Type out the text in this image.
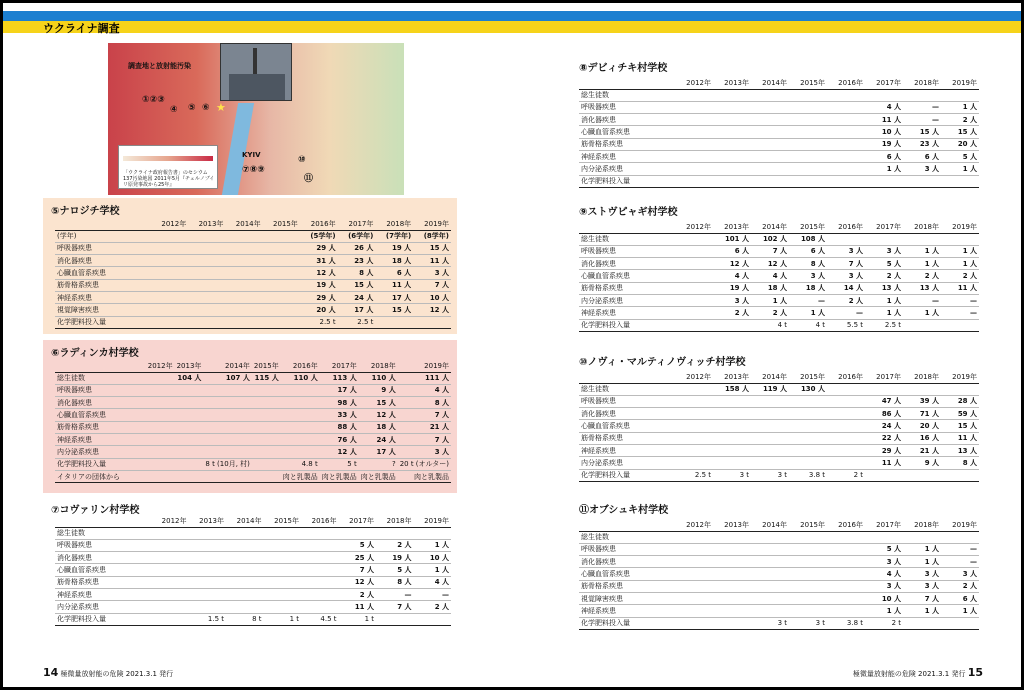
ウクライナ調査
調査地と放射能汚染
①②③
④ ⑤ ⑥ ★
KYIV
⑦⑧⑨
⑩
⑪
「ウクライナ政府報告書」のセシウム137汚染地図 2011年5月『チェルノブイリ原発事故から25年』
⑤ナロジチ学校
	2012年	2013年	2014年	2015年	2016年	2017年	2018年	2019年
(学年)					(5学年)	(6学年)	(7学年)	(8学年)
呼吸器疾患					29 人	26 人	19 人	15 人
消化器疾患					31 人	23 人	18 人	11 人
心臓血管系疾患					12 人	8 人	6 人	3 人
筋骨格系疾患					19 人	15 人	11 人	7 人
神経系疾患					29 人	24 人	17 人	10 人
視覚障害疾患					20 人	17 人	15 人	12 人
化学肥料投入量					2.5 t	2.5 t		
⑥ラディンカ村学校
	2012年	2013年	2014年	2015年	2016年	2017年	2018年	2019年
総生徒数		104 人	107 人	115 人	110 人	113 人	110 人	111 人
呼吸器疾患						17 人	9 人	4 人
消化器疾患						98 人	15 人	8 人
心臓血管系疾患						33 人	12 人	7 人
筋骨格系疾患						88 人	18 人	21 人
神経系疾患						76 人	24 人	7 人
内分泌系疾患						12 人	17 人	3 人
化学肥料投入量			8 t (10月, 村)		4.8 t	5 t	?	20 t (オルター)
イタリアの団体から					肉と乳製品	肉と乳製品	肉と乳製品	肉と乳製品
⑦コヴァリン村学校
	2012年	2013年	2014年	2015年	2016年	2017年	2018年	2019年
総生徒数								
呼吸器疾患						5 人	2 人	1 人
消化器疾患						25 人	19 人	10 人
心臓血管系疾患						7 人	5 人	1 人
筋骨格系疾患						12 人	8 人	4 人
神経系疾患						2 人	—	—
内分泌系疾患						11 人	7 人	2 人
化学肥料投入量		1.5 t	8 t	1 t	4.5 t	1 t		
⑧デビィチキ村学校
	2012年	2013年	2014年	2015年	2016年	2017年	2018年	2019年
総生徒数								
呼吸器疾患						4 人	—	1 人
消化器疾患						11 人	—	2 人
心臓血管系疾患						10 人	15 人	15 人
筋骨格系疾患						19 人	23 人	20 人
神経系疾患						6 人	6 人	5 人
内分泌系疾患						1 人	3 人	1 人
化学肥料投入量								
⑨ストヴピャギ村学校
	2012年	2013年	2014年	2015年	2016年	2017年	2018年	2019年
総生徒数		101 人	102 人	108 人				
呼吸器疾患		6 人	7 人	6 人	3 人	3 人	1 人	1 人
消化器疾患		12 人	12 人	8 人	7 人	5 人	1 人	1 人
心臓血管系疾患		4 人	4 人	3 人	3 人	2 人	2 人	2 人
筋骨格系疾患		19 人	18 人	18 人	14 人	13 人	13 人	11 人
内分泌系疾患		3 人	1 人	—	2 人	1 人	—	—
神経系疾患		2 人	2 人	1 人	—	1 人	1 人	—
化学肥料投入量			4 t	4 t	5.5 t	2.5 t		
⑩ノヴィ・マルティノヴィッチ村学校
	2012年	2013年	2014年	2015年	2016年	2017年	2018年	2019年
総生徒数		158 人	119 人	130 人				
呼吸器疾患						47 人	39 人	28 人
消化器疾患						86 人	71 人	59 人
心臓血管系疾患						24 人	20 人	15 人
筋骨格系疾患						22 人	16 人	11 人
神経系疾患						29 人	21 人	13 人
内分泌系疾患						11 人	9 人	8 人
化学肥料投入量	2.5 t	3 t	3 t	3.8 t	2 t			
⑪オブシュキ村学校
	2012年	2013年	2014年	2015年	2016年	2017年	2018年	2019年
総生徒数								
呼吸器疾患						5 人	1 人	—
消化器疾患						3 人	1 人	—
心臓血管系疾患						4 人	3 人	3 人
筋骨格系疾患						3 人	3 人	2 人
視覚障害疾患						10 人	7 人	6 人
神経系疾患						1 人	1 人	1 人
化学肥料投入量			3 t	3 t	3.8 t	2 t		
14 極微量放射能の危険 2021.3.1 発行	極微量放射能の危険 2021.3.1 発行 15
